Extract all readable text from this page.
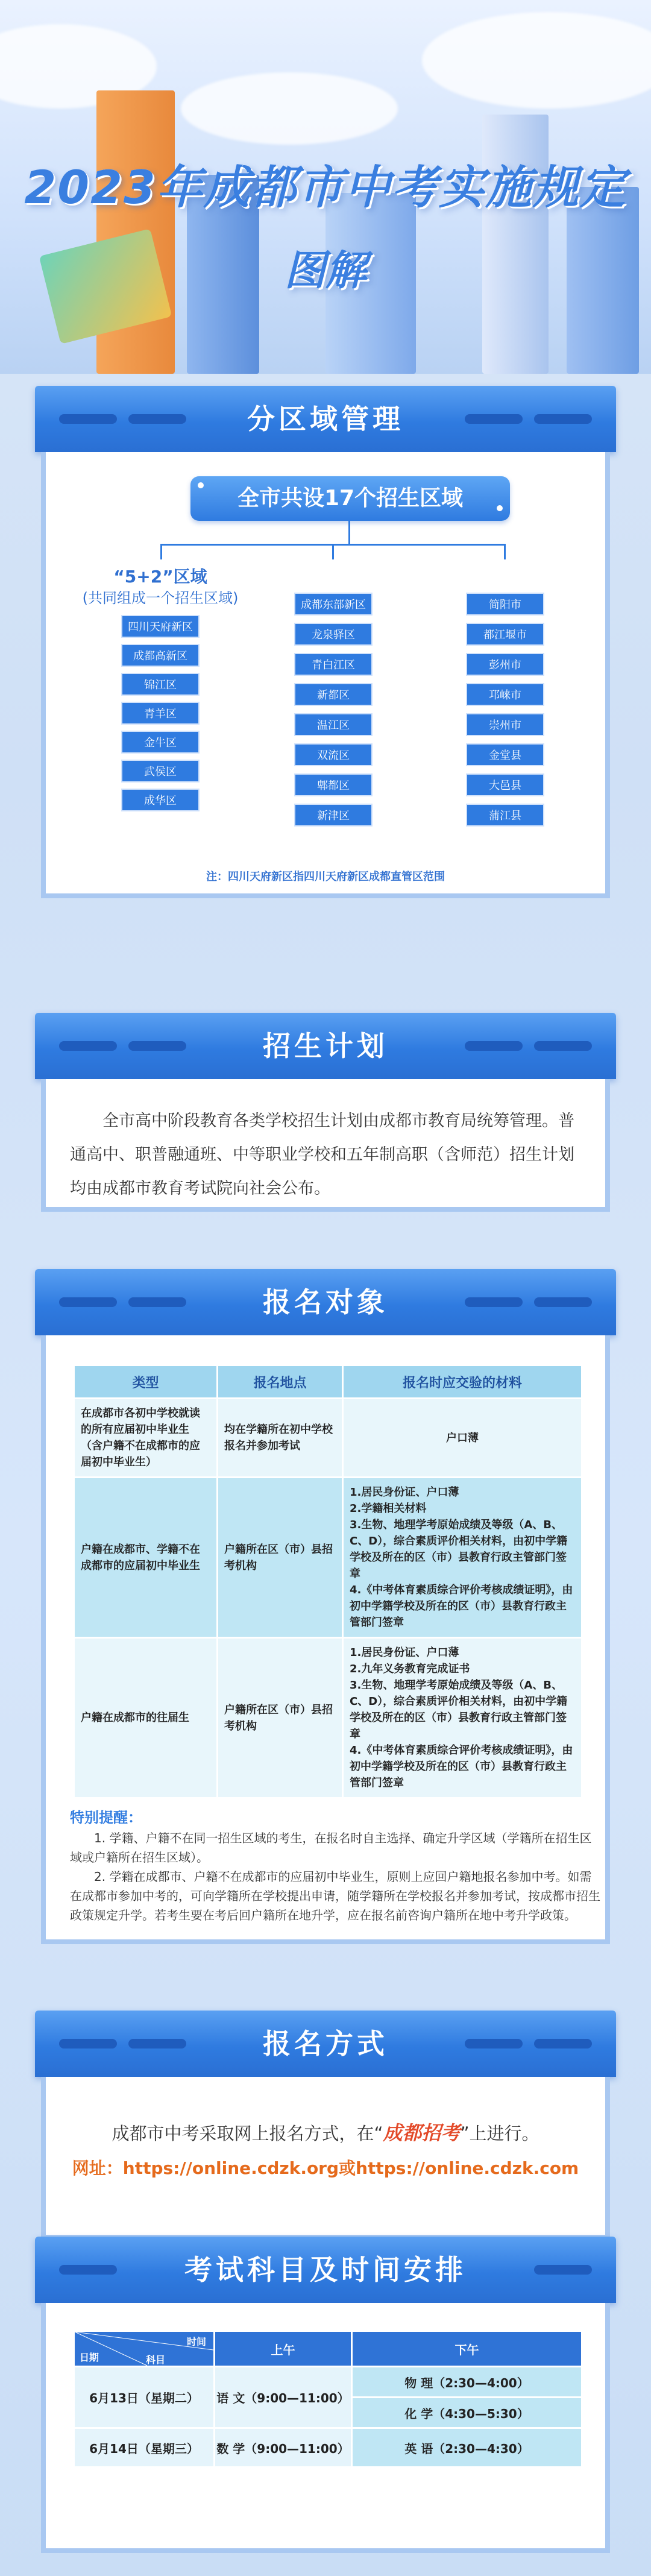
2023年成都市中考实施规定
图解
分区域管理
全市共设17个招生区域
“5+2”区域
(共同组成一个招生区域)
四川天府新区
成都高新区
锦江区
青羊区
金牛区
武侯区
成华区
成都东部新区
龙泉驿区
青白江区
新都区
温江区
双流区
郫都区
新津区
简阳市
都江堰市
彭州市
邛崃市
崇州市
金堂县
大邑县
蒲江县
注：四川天府新区指四川天府新区成都直管区范围
招生计划

全市高中阶段教育各类学校招生计划由成都市教育局统筹管理。普通高中、职普融通班、中等职业学校和五年制高职（含师范）招生计划均由成都市教育考试院向社会公布。

报名对象
类型	报名地点	报名时应交验的材料
在成都市各初中学校就读的所有应届初中毕业生（含户籍不在成都市的应届初中毕业生）	均在学籍所在初中学校报名并参加考试	户口薄
户籍在成都市、学籍不在成都市的应届初中毕业生	户籍所在区（市）县招考机构	1.居民身份证、户口薄
2.学籍相关材料
3.生物、地理学考原始成绩及等级（A、B、C、D），综合素质评价相关材料，由初中学籍学校及所在的区（市）县教育行政主管部门签章
4.《中考体育素质综合评价考核成绩证明》，由初中学籍学校及所在的区（市）县教育行政主管部门签章
户籍在成都市的往届生	户籍所在区（市）县招考机构	1.居民身份证、户口薄
2.九年义务教育完成证书
3.生物、地理学考原始成绩及等级（A、B、C、D），综合素质评价相关材料，由初中学籍学校及所在的区（市）县教育行政主管部门签章
4.《中考体育素质综合评价考核成绩证明》，由初中学籍学校及所在的区（市）县教育行政主管部门签章
特别提醒：

1. 学籍、户籍不在同一招生区域的考生，在报名时自主选择、确定升学区域（学籍所在招生区域或户籍所在招生区域）。

2. 学籍在成都市、户籍不在成都市的应届初中毕业生，原则上应回户籍地报名参加中考。如需在成都市参加中考的，可向学籍所在学校提出申请，随学籍所在学校报名并参加考试，按成都市招生政策规定升学。若考生要在考后回户籍所在地升学，应在报名前咨询户籍所在地中考升学政策。

报名方式
成都市中考采取网上报名方式，在“成都招考”上进行。
网址：https://online.cdzk.org或https://online.cdzk.com
考试科目及时间安排
时间
日期 科目	上午	下午
6月13日（星期二）	语 文（9:00—11:00）	物 理（2:30—4:00）
		化 学（4:30—5:30）
6月14日（星期三）	数 学（9:00—11:00）	英 语（2:30—4:30）
